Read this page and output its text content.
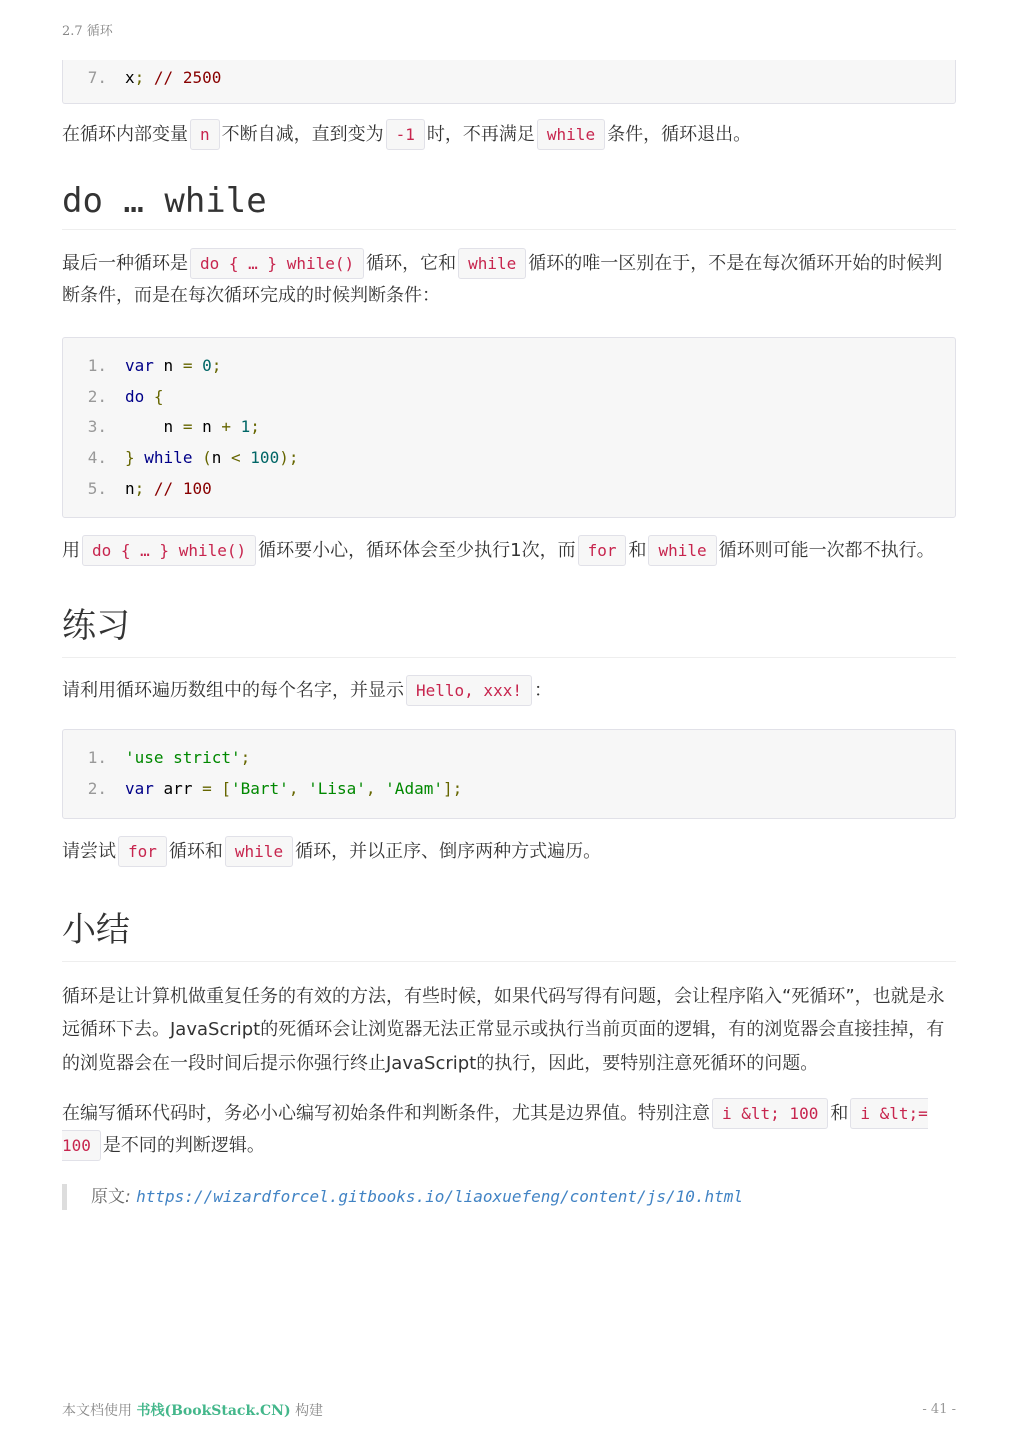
2.7 循环
7. x; // 2500

在循环内部变量 n 不断自减，直到变为 -1 时，不再满足 while 条件，循环退出。

do … while

最后一种循环是 do { … } while() 循环，它和 while 循环的唯一区别在于，不是在每次循环开始的时候判断条件，而是在每次循环完成的时候判断条件：

1. var n = 0;
2. do {
3.	n = n + 1;
4. } while (n < 100);
5. n; // 100

用 do { … } while() 循环要小心，循环体会至少执行1次，而 for 和 while 循环则可能一次都不执行。

练习

请利用循环遍历数组中的每个名字，并显示 Hello, xxx! ：

1. 'use strict';
2. var arr = ['Bart', 'Lisa', 'Adam'];

请尝试 for 循环和 while 循环，并以正序、倒序两种方式遍历。

小结

循环是让计算机做重复任务的有效的方法，有些时候，如果代码写得有问题，会让程序陷入“死循环”，也就是永远循环下去。JavaScript的死循环会让浏览器无法正常显示或执行当前页面的逻辑，有的浏览器会直接挂掉，有的浏览器会在一段时间后提示你强行终止JavaScript的执行，因此，要特别注意死循环的问题。

在编写循环代码时，务必小心编写初始条件和判断条件，尤其是边界值。特别注意 i &lt; 100 和 i &lt;= 100 是不同的判断逻辑。

原文: https://wizardforcel.gitbooks.io/liaoxuefeng/content/js/10.html
本文档使用 书栈(BookStack.CN) 构建	- 41 -
